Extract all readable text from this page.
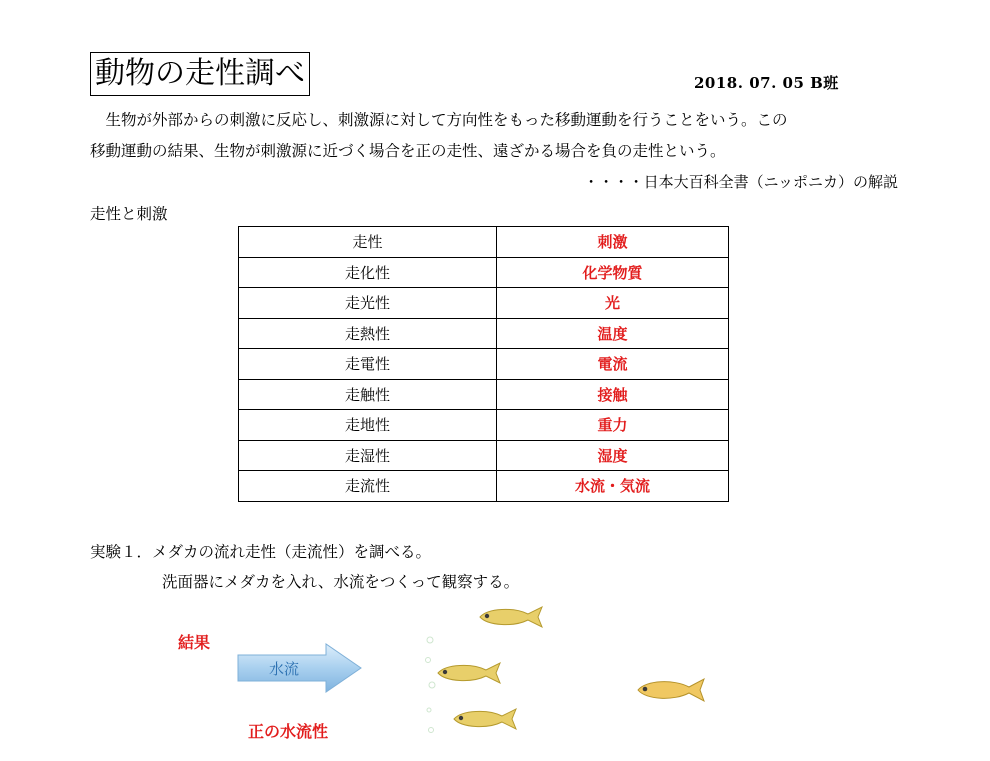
動物の走性調べ	2018. 07. 05 B班
　生物が外部からの刺激に反応し、刺激源に対して方向性をもった移動運動を行うことをいう。この
移動運動の結果、生物が刺激源に近づく場合を正の走性、遠ざかる場合を負の走性という。
・・・・日本大百科全書（ニッポニカ）の解説
走性と刺激
走性	刺激
走化性	化学物質
走光性	光
走熱性	温度
走電性	電流
走触性	接触
走地性	重力
走湿性	湿度
走流性	水流・気流
実験１．メダカの流れ走性（走流性）を調べる。
洗面器にメダカを入れ、水流をつくって観察する。
結果
水流
正の水流性
